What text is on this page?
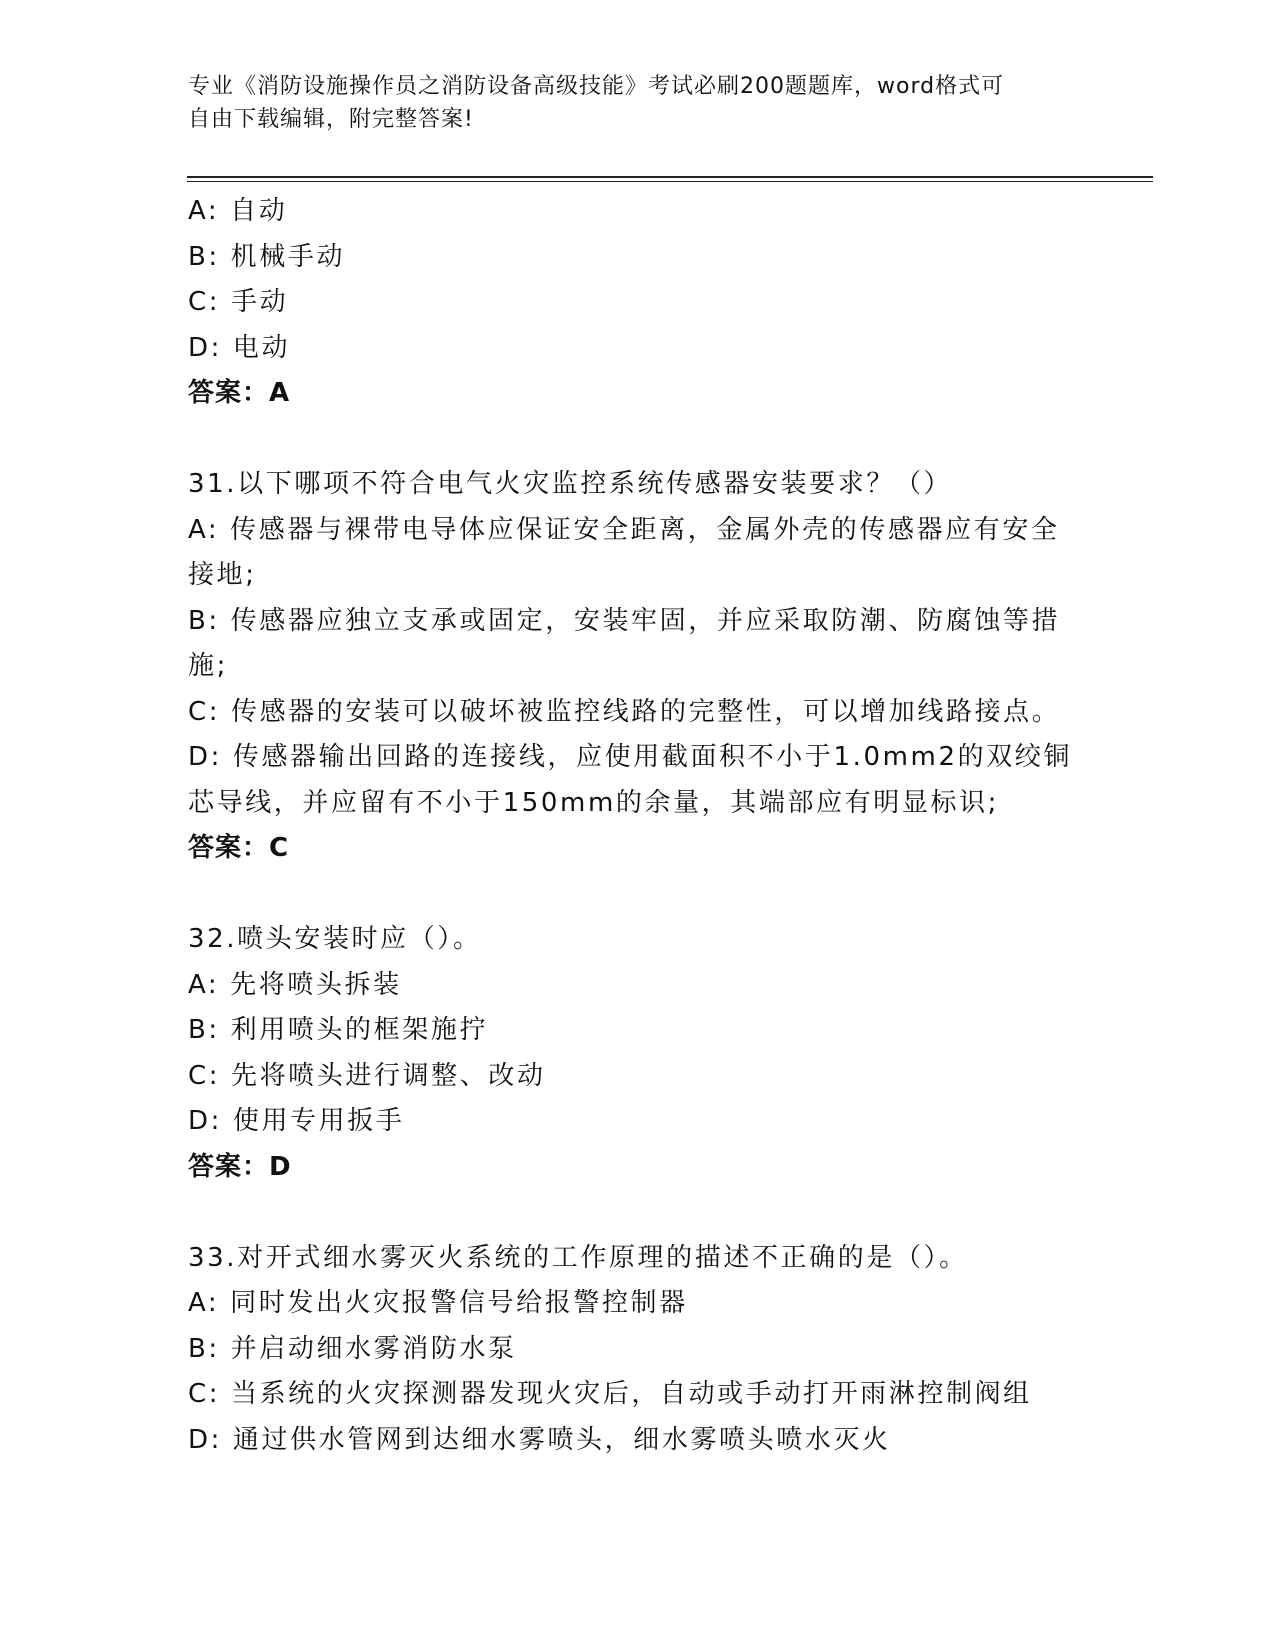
专业《消防设施操作员之消防设备高级技能》考试必刷200题题库，word格式可
自由下载编辑，附完整答案!
A: 自动
B: 机械手动
C: 手动
D: 电动
答案：A
31.以下哪项不符合电气火灾监控系统传感器安装要求？（）
A: 传感器与裸带电导体应保证安全距离，金属外壳的传感器应有安全
接地;
B: 传感器应独立支承或固定，安装牢固，并应采取防潮、防腐蚀等措
施;
C: 传感器的安装可以破坏被监控线路的完整性，可以增加线路接点。
D: 传感器输出回路的连接线，应使用截面积不小于1.0mm2的双绞铜
芯导线，并应留有不小于150mm的余量，其端部应有明显标识;
答案：C
32.喷头安装时应（）。
A: 先将喷头拆装
B: 利用喷头的框架施拧
C: 先将喷头进行调整、改动
D: 使用专用扳手
答案：D
33.对开式细水雾灭火系统的工作原理的描述不正确的是（）。
A: 同时发出火灾报警信号给报警控制器
B: 并启动细水雾消防水泵
C: 当系统的火灾探测器发现火灾后，自动或手动打开雨淋控制阀组
D: 通过供水管网到达细水雾喷头，细水雾喷头喷水灭火
